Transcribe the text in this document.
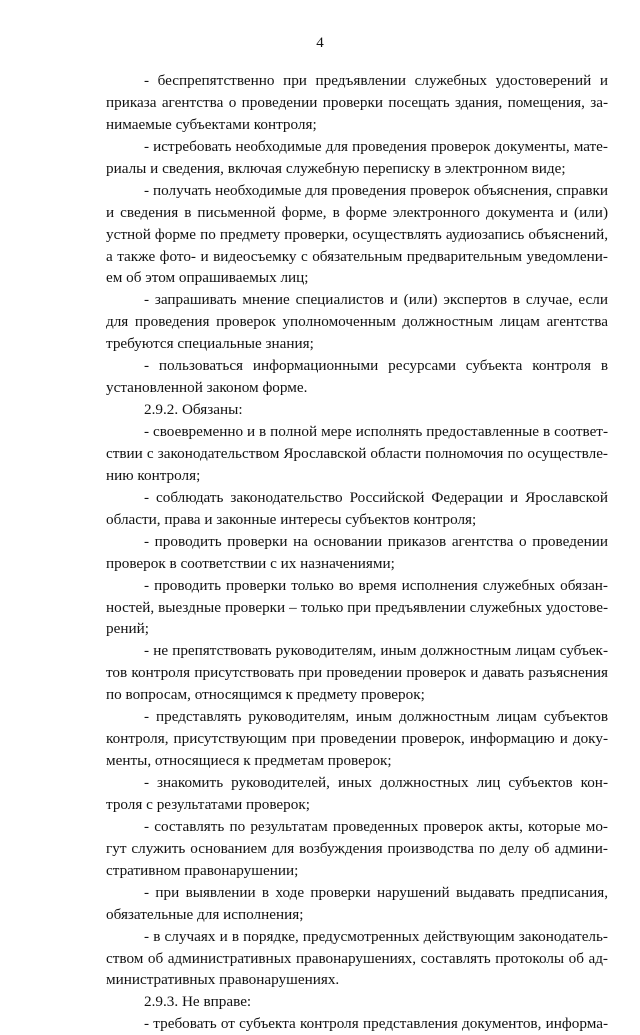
4
- беспрепятственно при предъявлении служебных удостоверений и
приказа агентства о проведении проверки посещать здания, помещения, за-
нимаемые субъектами контроля;
- истребовать необходимые для проведения проверок документы, мате-
риалы и сведения, включая служебную переписку в электронном виде;
- получать необходимые для проведения проверок объяснения, справки
и сведения в письменной форме, в форме электронного документа и (или)
устной форме по предмету проверки, осуществлять аудиозапись объяснений,
а также фото- и видеосъемку с обязательным предварительным уведомлени-
ем об этом опрашиваемых лиц;
- запрашивать мнение специалистов и (или) экспертов в случае, если
для проведения проверок уполномоченным должностным лицам агентства
требуются специальные знания;
- пользоваться информационными ресурсами субъекта контроля в
установленной законом форме.
2.9.2. Обязаны:
- своевременно и в полной мере исполнять предоставленные в соответ-
ствии с законодательством Ярославской области полномочия по осуществле-
нию контроля;
- соблюдать законодательство Российской Федерации и Ярославской
области, права и законные интересы субъектов контроля;
- проводить проверки на основании приказов агентства о проведении
проверок в соответствии с их назначениями;
- проводить проверки только во время исполнения служебных обязан-
ностей, выездные проверки – только при предъявлении служебных удостове-
рений;
- не препятствовать руководителям, иным должностным лицам субъек-
тов контроля присутствовать при проведении проверок и давать разъяснения
по вопросам, относящимся к предмету проверок;
- представлять руководителям, иным должностным лицам субъектов
контроля, присутствующим при проведении проверок, информацию и доку-
менты, относящиеся к предметам проверок;
- знакомить руководителей, иных должностных лиц субъектов кон-
троля с результатами проверок;
- составлять по результатам проведенных проверок акты, которые мо-
гут служить основанием для возбуждения производства по делу об админи-
стративном правонарушении;
- при выявлении в ходе проверки нарушений выдавать предписания,
обязательные для исполнения;
- в случаях и в порядке, предусмотренных действующим законодатель-
ством об административных правонарушениях, составлять протоколы об ад-
министративных правонарушениях.
2.9.3. Не вправе:
- требовать от субъекта контроля представления документов, информа-
